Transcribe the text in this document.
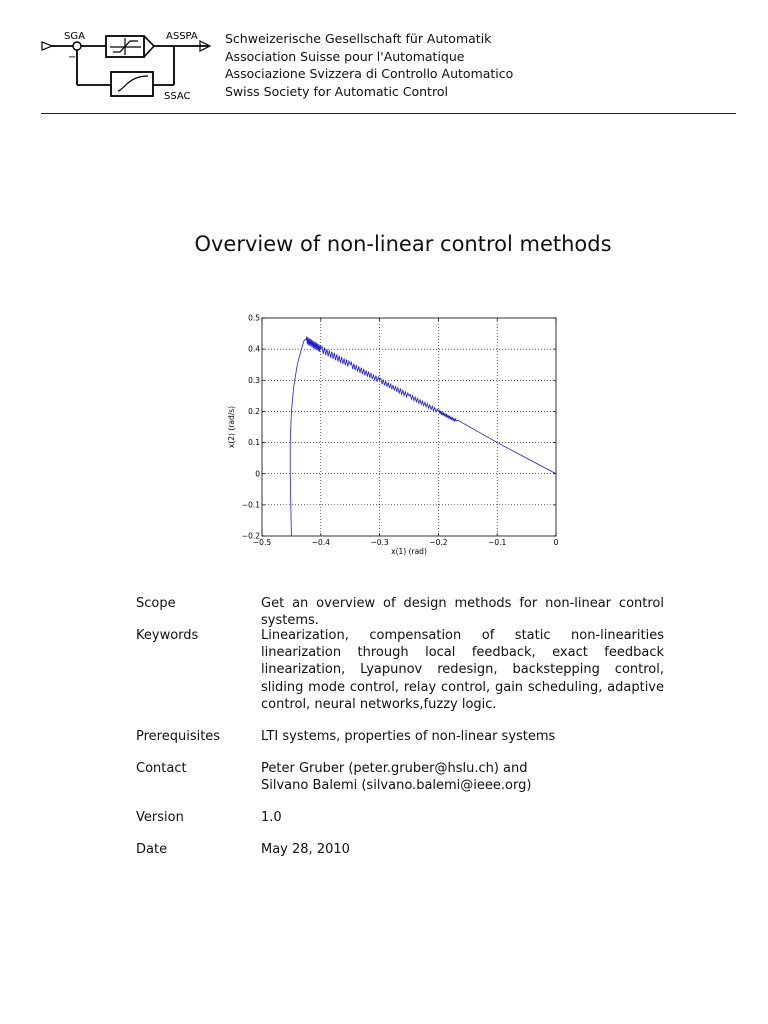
SGA
−
ASSPA
SSAC
Schweizerische Gesellschaft für Automatik
Association Suisse pour l'Automatique
Associazione Svizzera di Controllo Automatico
Swiss Society for Automatic Control
Overview of non-linear control methods
−0.5	−0.4	−0.3	−0.2	−0.1	0
−0.2
−0.1
0
0.1
0.2
0.3
0.4
0.5
x(1) (rad)
x(2) (rad/s)
Scope	Get an overview of design methods for non-linear control systems.
Keywords	Linearization, compensation of static non-linearities linearization through local feedback, exact feedback linearization, Lyapunov redesign, backstepping control, sliding mode control, relay control, gain scheduling, adaptive control, neural networks,fuzzy logic.
Prerequisites	LTI systems, properties of non-linear systems
Contact	Peter Gruber (peter.gruber@hslu.ch) and
Silvano Balemi (silvano.balemi@ieee.org)
Version	1.0
Date	May 28, 2010
